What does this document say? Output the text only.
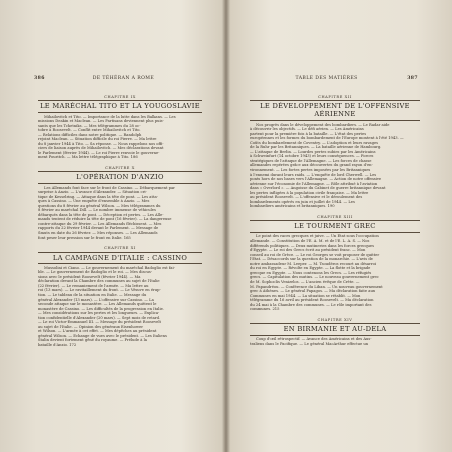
386	DE TÉHÉRAN A ROME

CHAPITRE IX

LE MARÉCHAL TITO ET LA YOUGOSLAVIE

Mihailovitch et Tito. — Importance de la lutte dans les Balkans. — Les

missions Deakin et Maclean. — Les Partisans deviennent plus puis-

sants que les Tchetniks. — Mes télégrammes du 28 oc-

tobre à Roosevelt. — Conflit entre Mihailovitch et Tito.

— Relations difficiles dans notre politique. — Randolph

rejoint Maclean. — Situation difficile du roi Pierre. — Ma lettre

du 8 janvier 1944 à Tito. — Sa réponse. — Nous rappelons nos offi-

ciers de liaison auprès de Mihailovitch. — Mes déclarations devant

le Parlement (février 1944). — Le roi Pierre renvoie le gouverne-

ment Pouritch. — Ma lettre télégraphique à Tito. 186

CHAPITRE X

L'OPÉRATION D'ANZIO

Les Allemands font face sur le front de Cassino. — Débarquement par

surprise à Anzio. — L'avance d'Alexander. — Situation cri-

tique de Kesselring. — Attaque dans la tête de pont. — Les atta-

ques à Cassino. — Une enquête d'ensemble à Anzio. — Mes

questions du 8 février au général Wilson. — Mes télégrammes du

8 février au maréchal Dill. — Le nombre immense de véhicules

débarqués dans la tête de pont. — Déception et pertes. — Les Alle-

mands tentent de réduire la tête de pont (16 février). — La dangereuse

contre-attaque du 29 février. — Les Allemands fléchissent. — Mes

rapports du 22 février 1944 devant le Parlement. — Message de

Smuts en date du 26 février. — Mes réponses. — Les Allemands

font peser leur pression sur le front en Italie. 165

CHAPITRE XI

LA CAMPAGNE D'ITALIE : CASSINO

Mussolini et Ciano. — Le gouvernement du maréchal Badoglio est fai-

ble. — Le gouvernement de Badoglio et le roi. — Mes discus-

sions avec le président Roosevelt (février 1944). — Ma

déclaration devant la Chambre des communes au sujet de l'Italie

(22 février). — Le remaniement de l'armée. — Ma lettre au

roi (13 mars). — Le ravitaillement du front. — Le Vésuve en érup-

tion. — Le tableau de la situation en Italie. — Message du

général Alexander (13 mars). — L'offensive sur Cassino. — La

seconde attaque sur le monastère. — Les Allemands quittent le

monastère de Cassino. — Les difficultés de la progression en Italie.

— Mes considérations sur les pertes et les longueurs. — Explica-

tion confidentielle d'Alexander (20 mars). — Sept mois de retard.

— Le roi Victor-Emmanuel III. — Message du président Roosevelt

au sujet de l'Italie. — Opinion des généraux Eisenhower

et Wilson. — L'armée à cet effet. — Mes dépêches au président

général Wilson. — Échange de vues avec le président. — Les Italiens

Stalin devient fortement gêné du royaume. — Prélude à la

bataille d'Anzio. 172

TABLE DES MATIÈRES	387

CHAPITRE XII

LE DÉVELOPPEMENT DE L'OFFENSIVE AÉRIENNE

Nos progrès dans le développement des bombardiers. — Le Radar aide

à découvrir les objectifs. — Le défi aérien. — Les Américains

partent pour la première fois à la bataille. — L'état des pertes

européennes et les formes du bombardement de l'Europe montent à l'été 1943. —

Coûts du bombardement de Coventry. — L'adoption et leurs ravages

de la Ruhr par les Britanniques. — La bataille aérienne de Hambourg.

— L'attaque de Berlin. — Lourdes pertes subies par les Américains

à Schweinfurt (14 octobre 1943) et leurs conséquences. — Forces

stratégiques de l'attaque de l'Allemagne. — Les forces de chasse

allemandes repérées grâce aux découvertes du grand rayon d'en-

vironnement. — Les fortes pertes imposées par les Britanniques

à l'ennemi durant leurs raids. — L'enquête de lord Cherwell. — Les

ponts hors de nos bases vers l'Allemagne. — Action de notre offensive

aérienne sur l'économie de l'Allemagne. — Rôle attribué à l'aviation

dans « Overlord ». — Angoisse du Cabinet de guerre britannique devant

les pertes infligées à la population civile française. — Ma lettre

au président Roosevelt. — L'offensive et le déroulement des

bombardements opérés en juin et juillet de 1944. — Les

bombardiers américains et britanniques. 190

CHAPITRE XIII

LE TOURMENT GREC

Le point des races grecques et juive. — Un État sous l'occupation

allemande. — Constitution de l'E. A. M. et de l'E. L. A. S. — Nos

différends politiques. — Deux mutineries dans les forces grecques

d'Égypte. — Le roi des Grecs écrit au président franc. — Mon

conseil au roi de Grèce. — Le roi Georges se voit proposer de quitter

l'État. — Désaccords sur la question de la monarchie. — L'avis de

notre ambassadeur M. Leeper. — M. Tsoudéros recourt au désarroi

du roi en Égypte. — Révolte en Égypte. — La flotte et la brigade

grecque en Égypte. — Nous contenons les Grecs. — Les réfugiés

grecs. — Capitulation des mutins. — Le nouveau gouvernement grec

de M. Sophoclis Venizelos. — L'ancien évêque de Crète. —

M. Papandréou. — Conférence du Liban. — Un nouveau gouvernement

grec à Athènes. — Le général Papagos. — Ma déclaration faite aux

Communes en mai 1944. — La situation se rétablit. — Mon

télégramme du 16 avril au président Roosevelt. — Ma déclaration

du 24 mai à la Chambre des communes. — Le rôle important des

communes. 215

CHAPITRE XIV

EN BIRMANIE ET AU-DELA

Coup d'œil rétrospectif. — Avance des Américains et des Aus-

traliens dans le Pacifique. — Le général MacArthur effectue un
